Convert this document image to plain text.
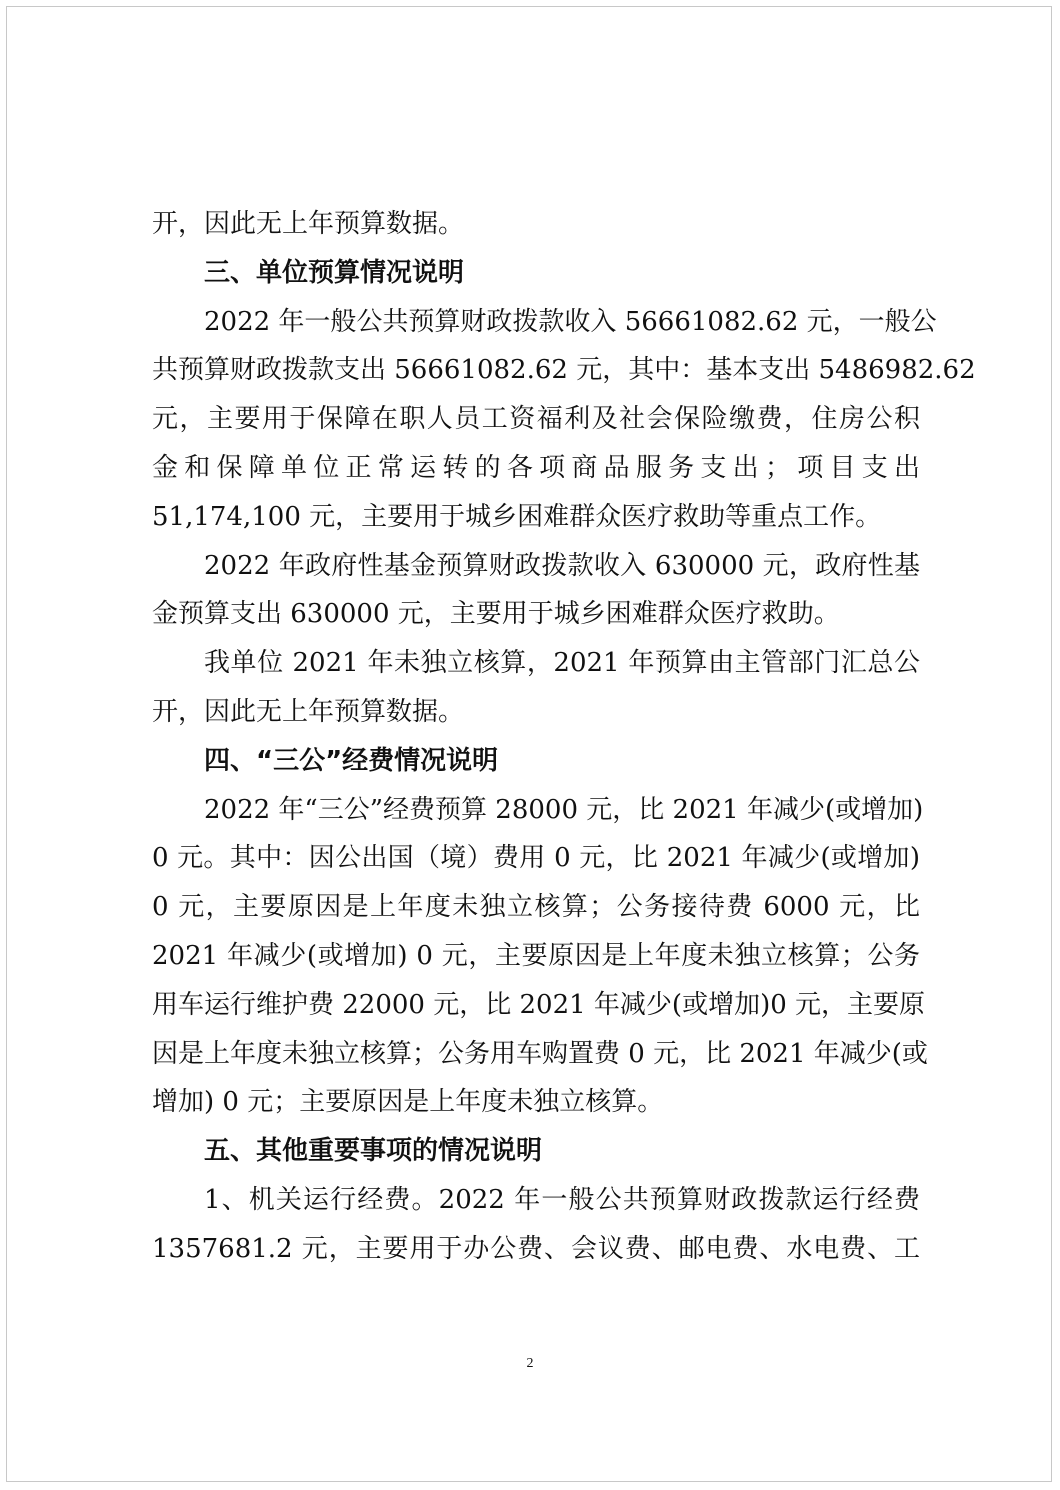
开，因此无上年预算数据。

三、单位预算情况说明

2022 年一般公共预算财政拨款收入 56661082.62 元，一般公

共预算财政拨款支出 56661082.62 元，其中：基本支出 5486982.62

元，主要用于保障在职人员工资福利及社会保险缴费，住房公积

金和保障单位正常运转的各项商品服务支出；项目支出

51,174,100 元，主要用于城乡困难群众医疗救助等重点工作。

2022 年政府性基金预算财政拨款收入 630000 元，政府性基

金预算支出 630000 元，主要用于城乡困难群众医疗救助。

我单位 2021 年未独立核算，2021 年预算由主管部门汇总公

开，因此无上年预算数据。

四、“三公”经费情况说明

2022 年“三公”经费预算 28000 元，比 2021 年减少(或增加)

0 元。其中：因公出国（境）费用 0 元，比 2021 年减少(或增加)

0 元，主要原因是上年度未独立核算；公务接待费 6000 元，比

2021 年减少(或增加) 0 元，主要原因是上年度未独立核算；公务

用车运行维护费 22000 元，比 2021 年减少(或增加)0 元，主要原

因是上年度未独立核算；公务用车购置费 0 元，比 2021 年减少(或

增加) 0 元；主要原因是上年度未独立核算。

五、其他重要事项的情况说明

1、机关运行经费。2022 年一般公共预算财政拨款运行经费

1357681.2 元，主要用于办公费、会议费、邮电费、水电费、工

2
